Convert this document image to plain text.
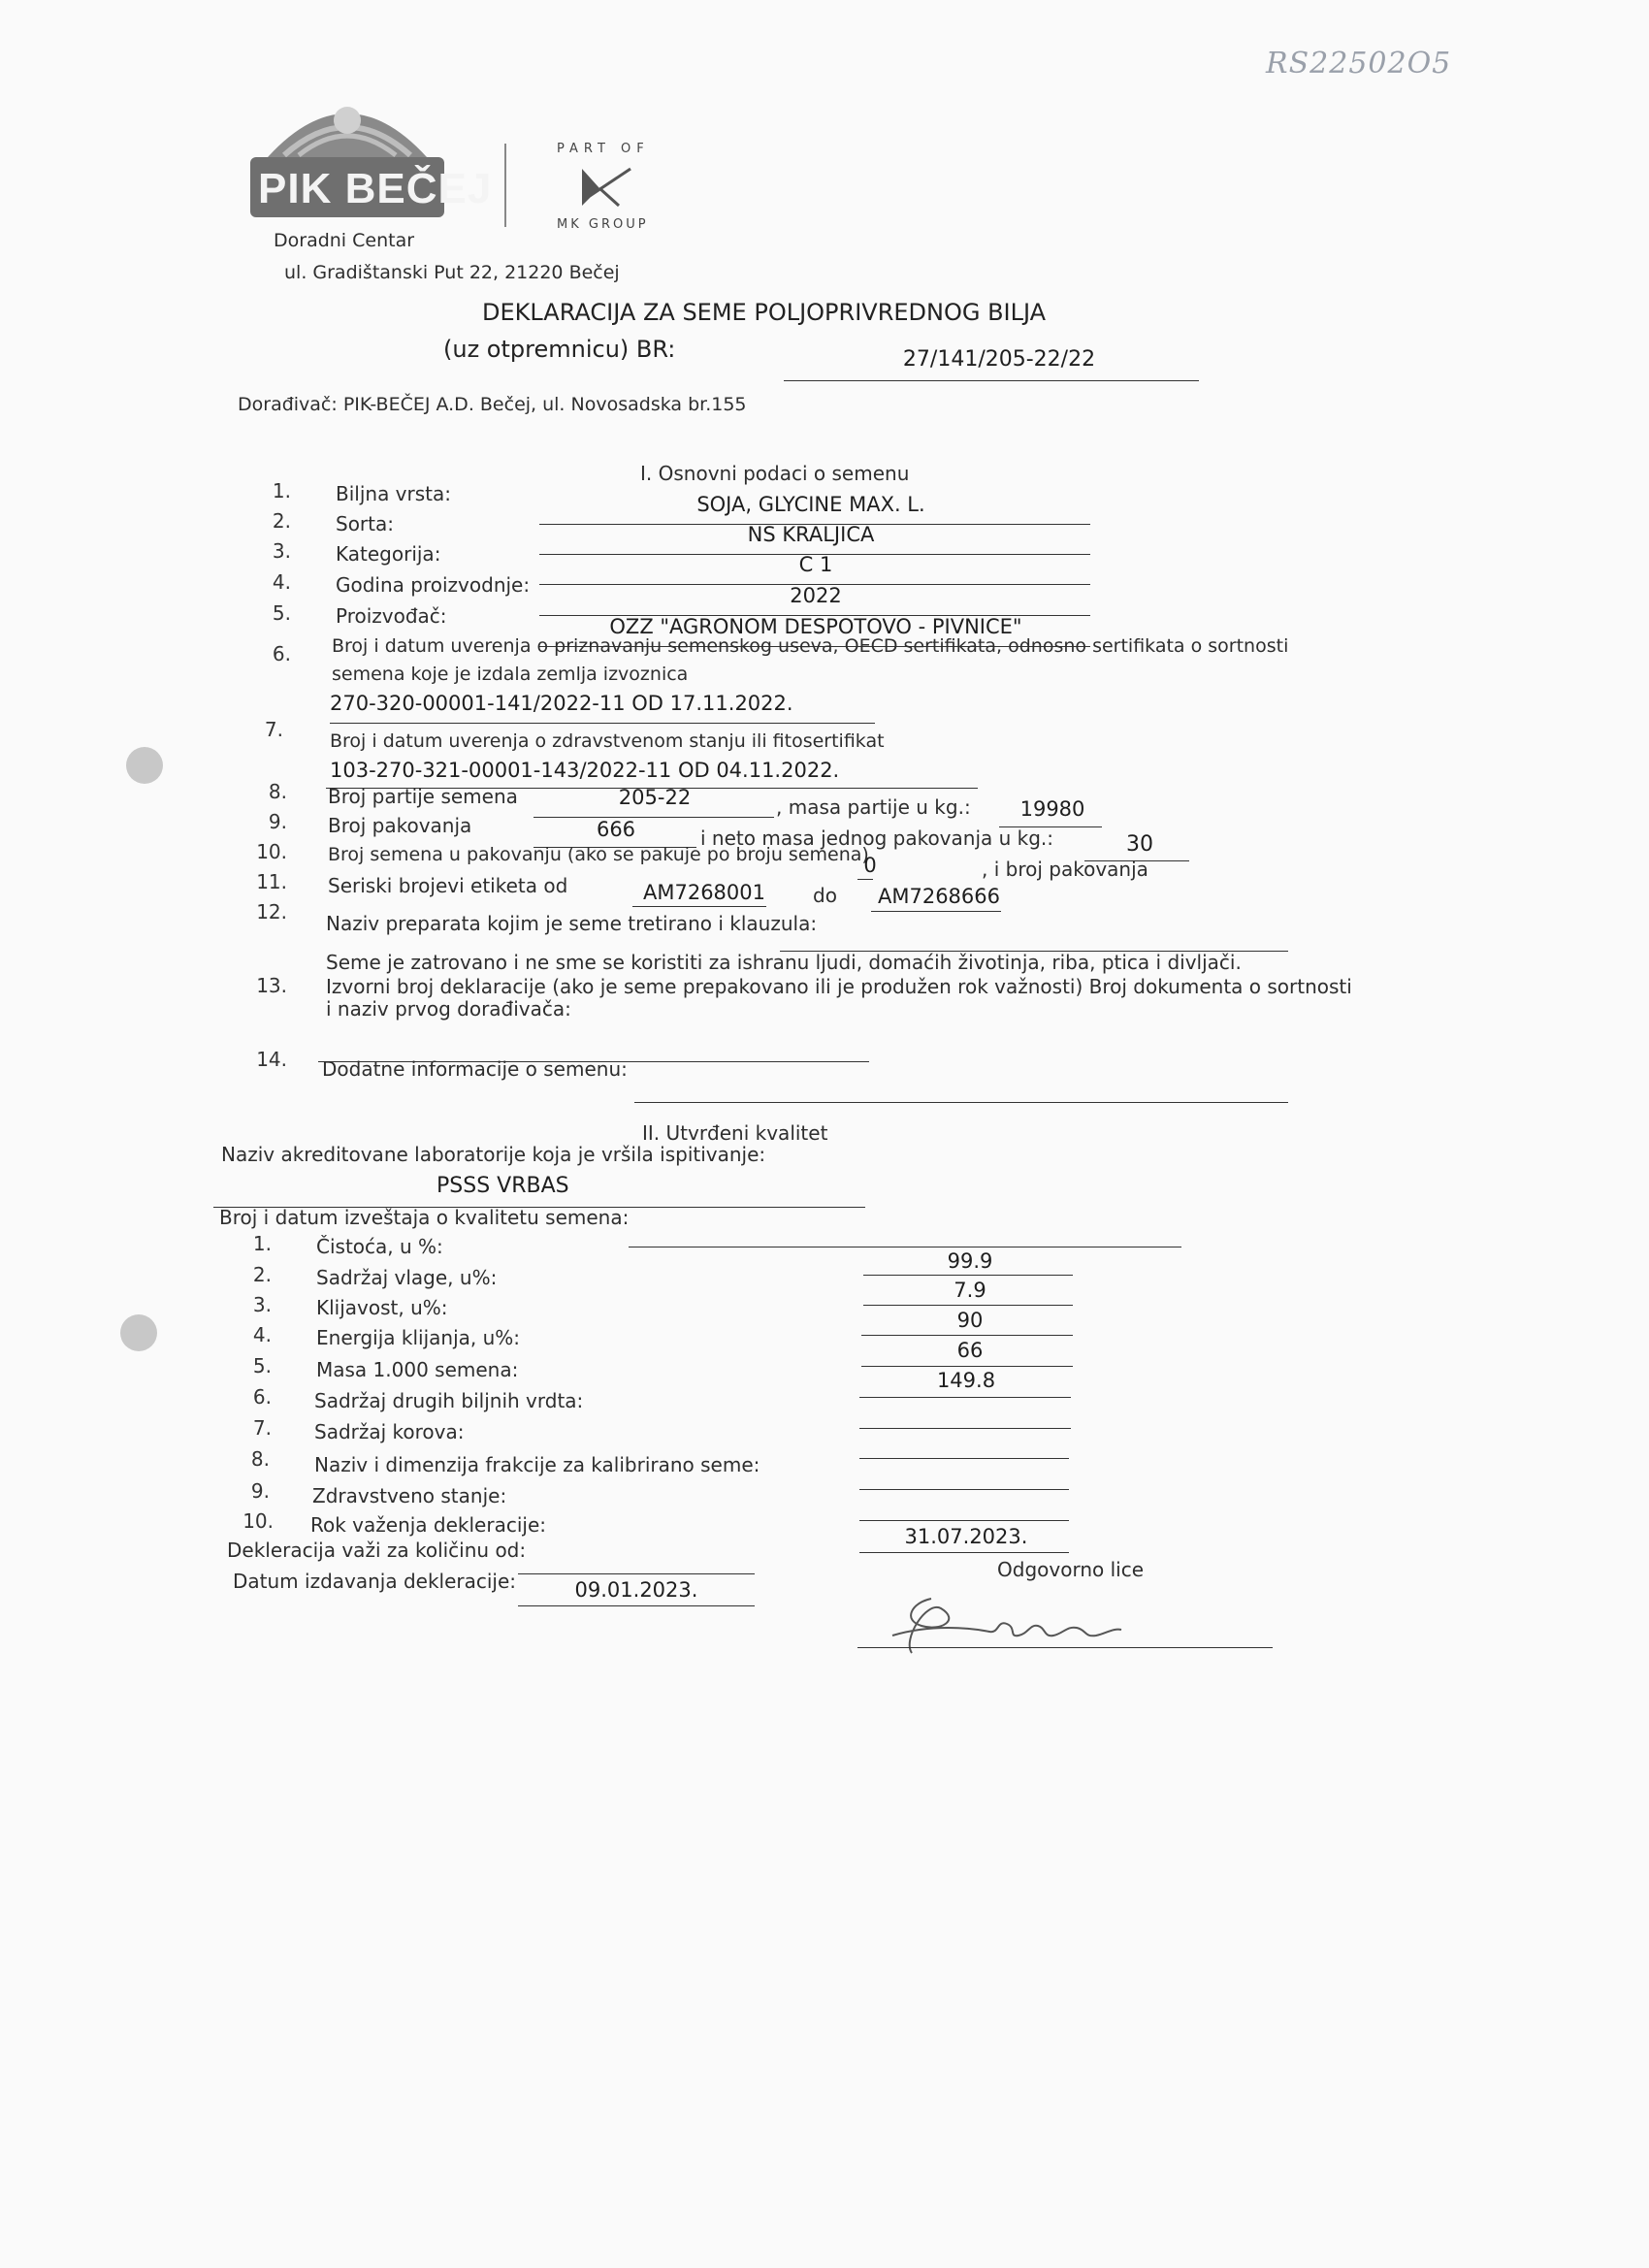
RS22502O5
PIK BEČEJ
PART OF
MK GROUP
Doradni Centar
ul. Gradištanski Put 22, 21220 Bečej
DEKLARACIJA ZA SEME POLJOPRIVREDNOG BILJA
(uz otpremnicu) BR:	27/141/205-22/22
Dorađivač: PIK-BEČEJ A.D. Bečej, ul. Novosadska br.155
I. Osnovni podaci o semenu
1. Biljna vrsta:	SOJA, GLYCINE MAX. L.
2. Sorta:	NS KRALJICA
3. Kategorija:	C 1
4. Godina proizvodnje:	2022
5. Proizvođač:	OZZ "AGRONOM DESPOTOVO - PIVNICE"
6. Broj i datum uverenja o priznavanju semenskog useva, OECD sertifikata, odnosno sertifikata o sortnosti
semena koje je izdala zemlja izvoznica
270-320-00001-141/2022-11 OD 17.11.2022.
7.	Broj i datum uverenja o zdravstvenom stanju ili fitosertifikat
103-270-321-00001-143/2022-11 OD 04.11.2022.
8. Broj partije semena	205-22	, masa partije u kg.:	19980
9. Broj pakovanja	666	i neto masa jednog pakovanja u kg.:	30
10. Broj semena u pakovanju (ako se pakuje po broju semena)
0	, i broj pakovanja
11. Seriski brojevi etiketa od	AM7268001	do	AM7268666
12. Naziv preparata kojim je seme tretirano i klauzula:
Seme je zatrovano i ne sme se koristiti za ishranu ljudi, domaćih životinja, riba, ptica i divljači.
13. Izvorni broj deklaracije (ako je seme prepakovano ili je produžen rok važnosti) Broj dokumenta o sortnosti
i naziv prvog dorađivača:
14. Dodatne informacije o semenu:
II. Utvrđeni kvalitet
Naziv akreditovane laboratorije koja je vršila ispitivanje:
PSSS VRBAS
Broj i datum izveštaja o kvalitetu semena:
1. Čistoća, u %:
99.9
2. Sadržaj vlage, u%:
7.9
3. Klijavost, u%:
90
4. Energija klijanja, u%:
66
5. Masa 1.000 semena:	149.8
6. Sadržaj drugih biljnih vrdta:
7. Sadržaj korova:
8. Naziv i dimenzija frakcije za kalibrirano seme:
9. Zdravstveno stanje:
10. Rok važenja dekleracije:	31.07.2023.
Dekleracija važi za količinu od:
Datum izdavanja dekleracije:	09.01.2023.
Odgovorno lice
